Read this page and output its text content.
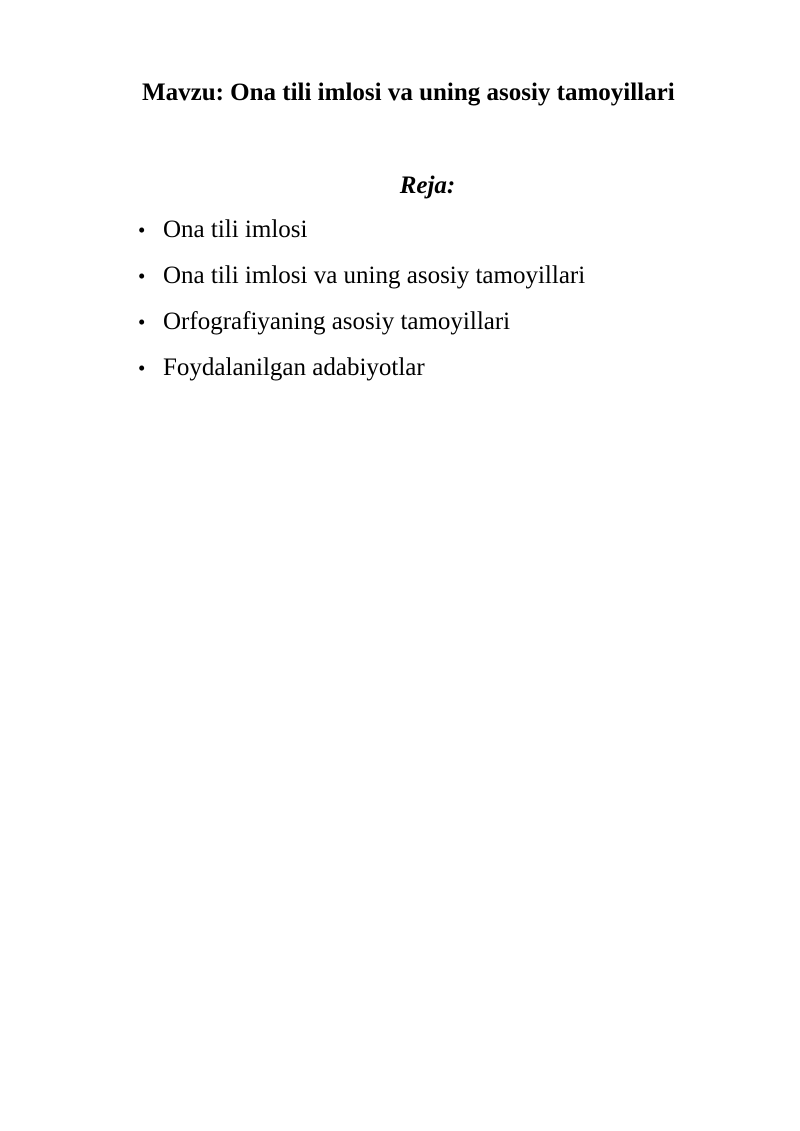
Mavzu: Ona tili imlosi va uning asosiy tamoyillari
Reja:
• Ona tili imlosi
• Ona tili imlosi va uning asosiy tamoyillari
• Orfografiyaning asosiy tamoyillari
• Foydalanilgan adabiyotlar
